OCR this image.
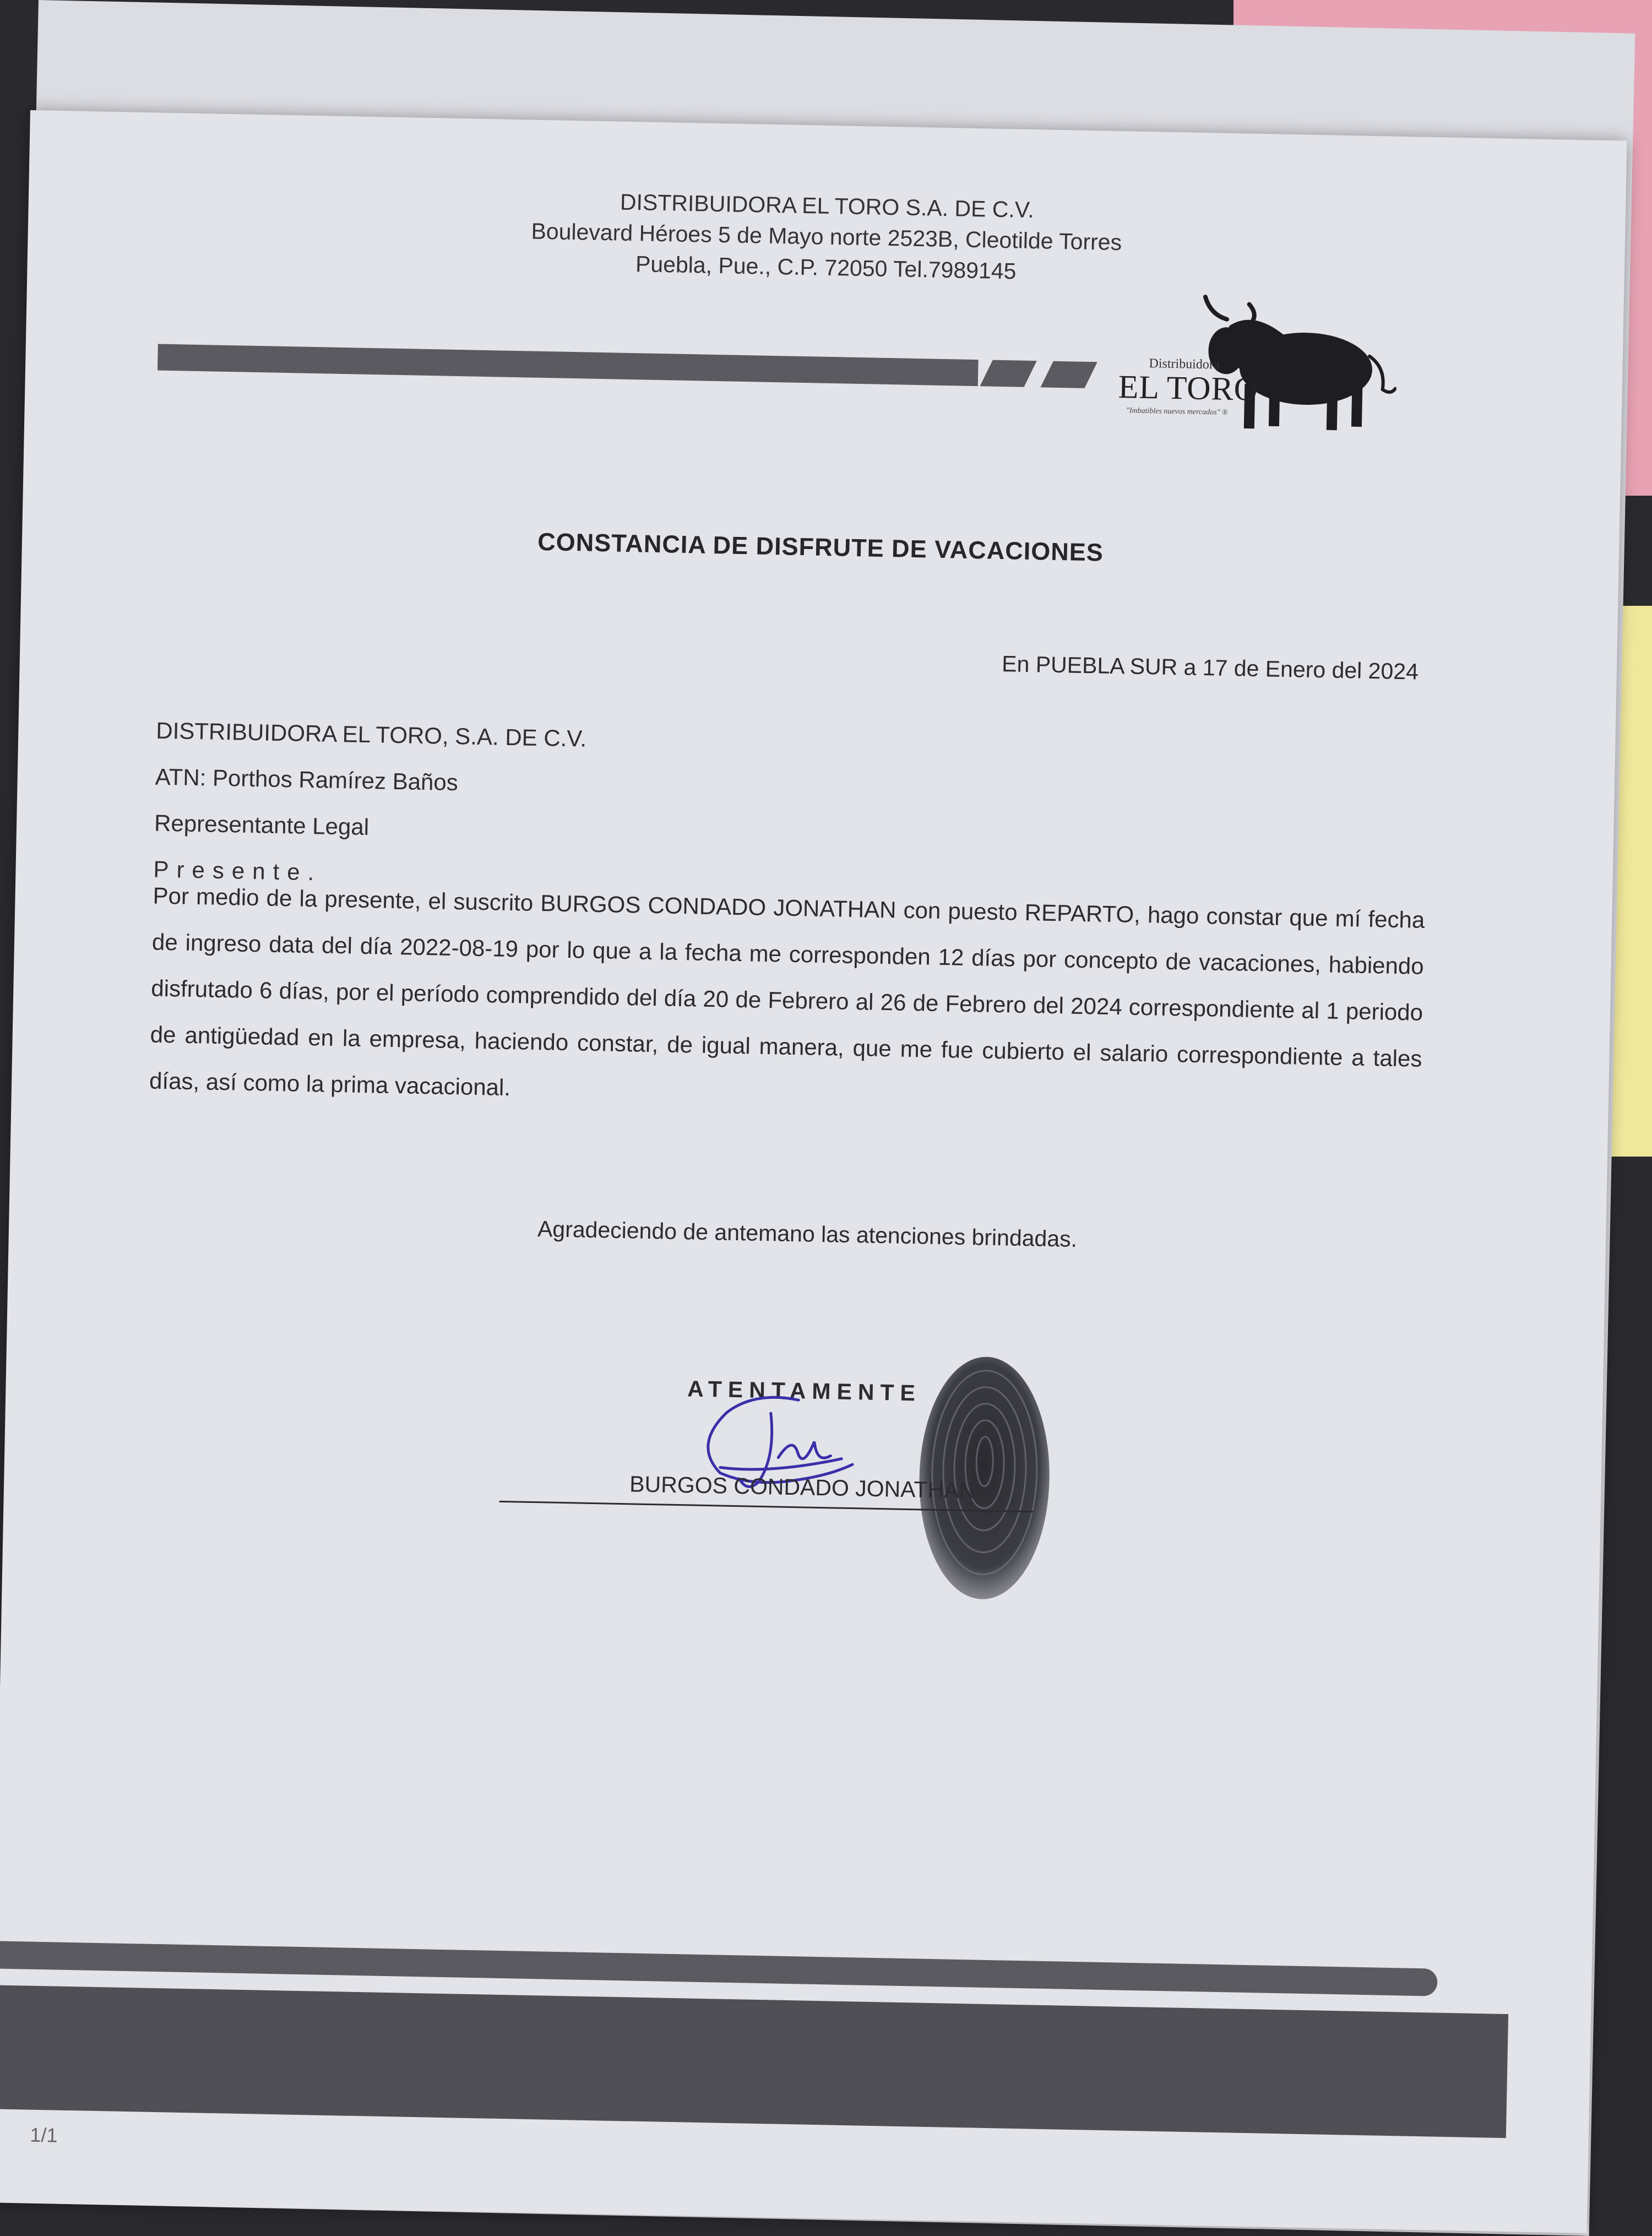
DISTRIBUIDORA EL TORO S.A. DE C.V.
Boulevard Héroes 5 de Mayo norte 2523B, Cleotilde Torres
Puebla, Pue., C.P. 72050 Tel.7989145
Distribuidora
EL TORO
"Imbatibles nuevos mercados" ®
CONSTANCIA DE DISFRUTE DE VACACIONES
En PUEBLA SUR a 17 de Enero del 2024
DISTRIBUIDORA EL TORO, S.A. DE C.V.
ATN: Porthos Ramírez Baños
Representante Legal
Presente.
Por medio de la presente, el suscrito BURGOS CONDADO JONATHAN con puesto REPARTO, hago constar que mí fecha de ingreso data del día 2022-08-19 por lo que a la fecha me corresponden 12 días por concepto de vacaciones, habiendo disfrutado 6 días, por el período comprendido del día 20 de Febrero al 26 de Febrero del 2024 correspondiente al 1 periodo de antigüedad en la empresa, haciendo constar, de igual manera, que me fue cubierto el salario correspondiente a tales días, así como la prima vacacional.
Agradeciendo de antemano las atenciones brindadas.
ATENTAMENTE
BURGOS CONDADO JONATHAN
1/1
